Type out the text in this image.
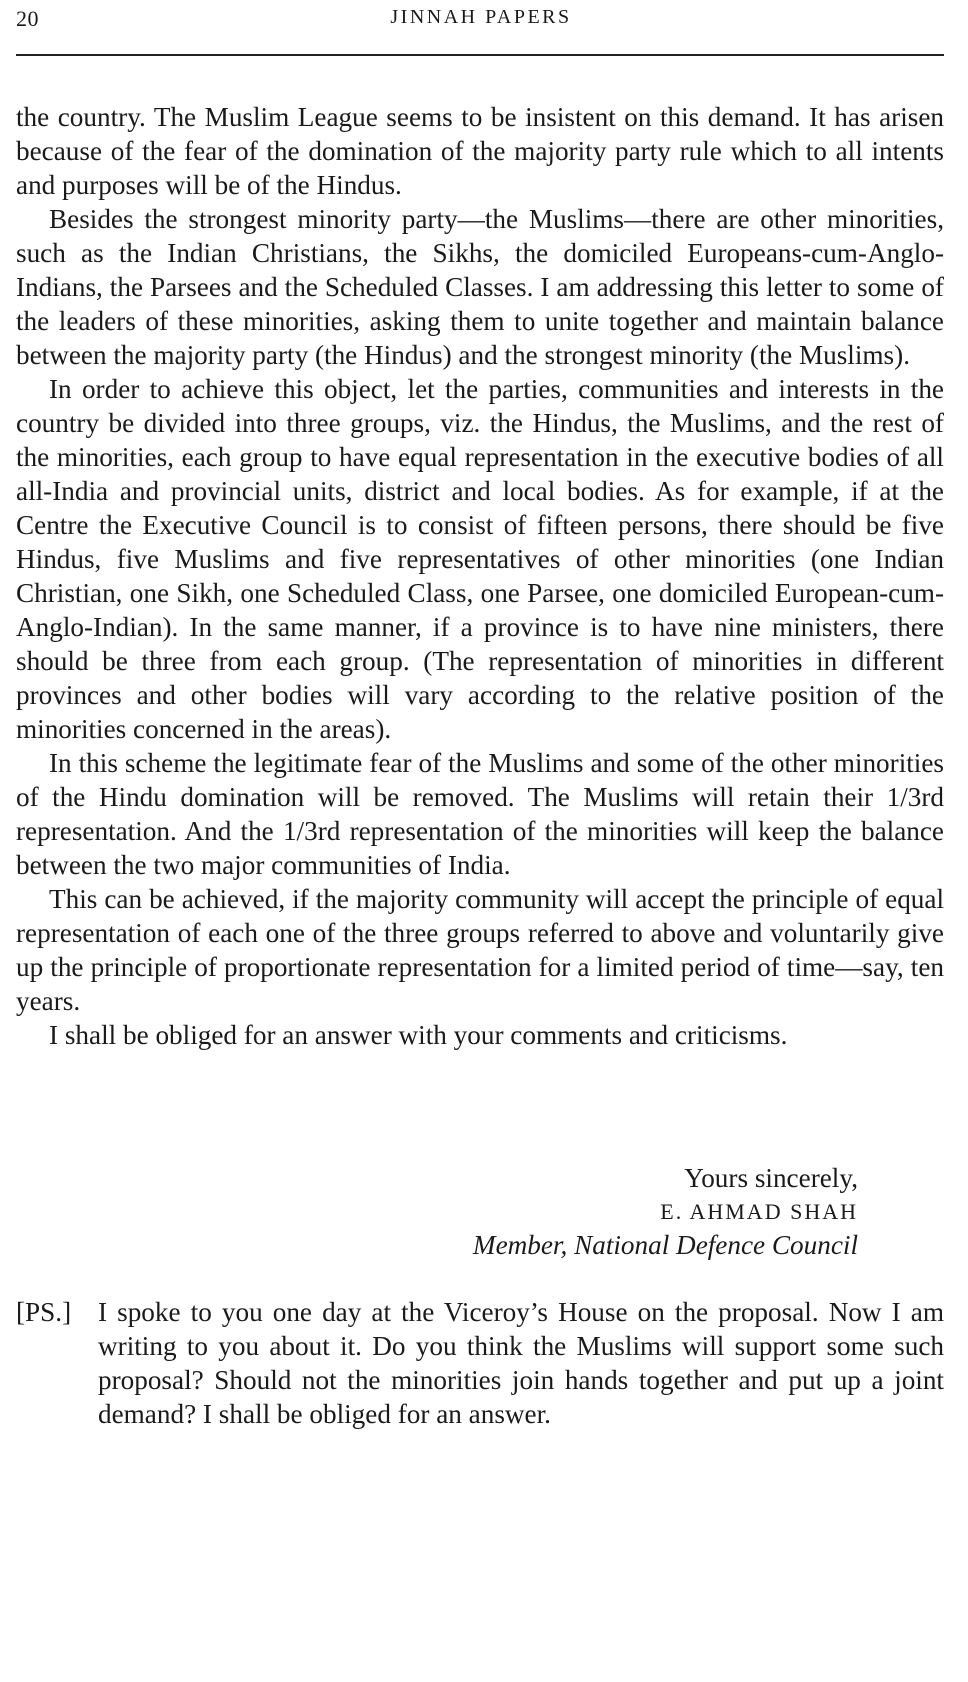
20	JINNAH PAPERS

the country. The Muslim League seems to be insistent on this demand. It has arisen because of the fear of the domination of the majority party rule which to all intents and purposes will be of the Hindus.

Besides the strongest minority party—the Muslims—there are other minorities, such as the Indian Christians, the Sikhs, the domiciled Europeans-cum-Anglo-Indians, the Parsees and the Scheduled Classes. I am addressing this letter to some of the leaders of these minorities, asking them to unite together and maintain balance between the majority party (the Hindus) and the strongest minority (the Muslims).

In order to achieve this object, let the parties, communities and interests in the country be divided into three groups, viz. the Hindus, the Muslims, and the rest of the minorities, each group to have equal representation in the executive bodies of all all-India and provincial units, district and local bodies. As for example, if at the Centre the Executive Council is to consist of fifteen persons, there should be five Hindus, five Muslims and five representatives of other minorities (one Indian Christian, one Sikh, one Scheduled Class, one Parsee, one domiciled European-cum-Anglo-Indian). In the same manner, if a province is to have nine ministers, there should be three from each group. (The representation of minorities in different provinces and other bodies will vary according to the relative position of the minorities concerned in the areas).

In this scheme the legitimate fear of the Muslims and some of the other minorities of the Hindu domination will be removed. The Muslims will retain their 1/3rd representation. And the 1/3rd representation of the minorities will keep the balance between the two major communities of India.

This can be achieved, if the majority community will accept the principle of equal representation of each one of the three groups referred to above and voluntarily give up the principle of proportionate representation for a limited period of time—say, ten years.

I shall be obliged for an answer with your comments and criticisms.

Yours sincerely,
E. AHMAD SHAH
Member, National Defence Council
[PS.] I spoke to you one day at the Viceroy’s House on the proposal. Now I am writing to you about it. Do you think the Muslims will support some such proposal? Should not the minorities join hands together and put up a joint demand? I shall be obliged for an answer.
